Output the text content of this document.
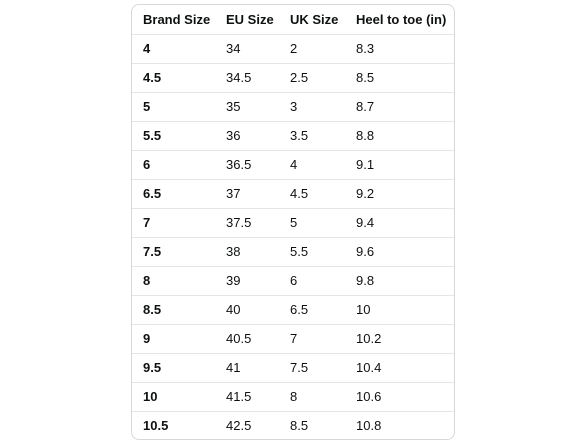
Brand Size	EU Size	UK Size	Heel to toe (in)
4	34	2	8.3
4.5	34.5	2.5	8.5
5	35	3	8.7
5.5	36	3.5	8.8
6	36.5	4	9.1
6.5	37	4.5	9.2
7	37.5	5	9.4
7.5	38	5.5	9.6
8	39	6	9.8
8.5	40	6.5	10
9	40.5	7	10.2
9.5	41	7.5	10.4
10	41.5	8	10.6
10.5	42.5	8.5	10.8
